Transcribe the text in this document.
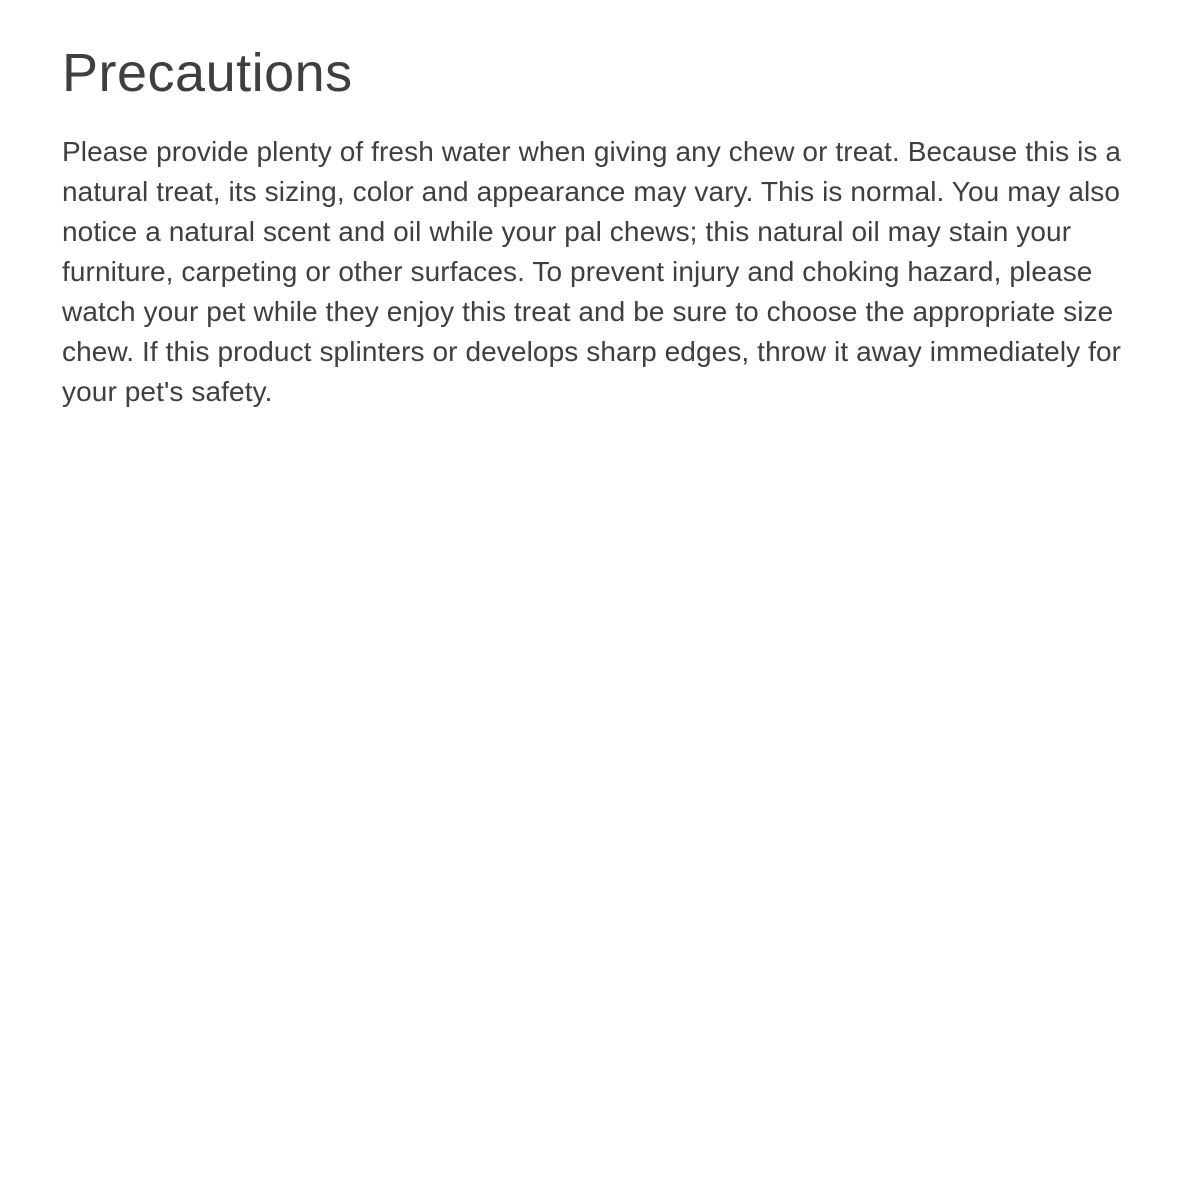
Precautions

Please provide plenty of fresh water when giving any chew or treat. Because this is a natural treat, its sizing, color and appearance may vary. This is normal. You may also notice a natural scent and oil while your pal chews; this natural oil may stain your furniture, carpeting or other surfaces. To prevent injury and choking hazard, please watch your pet while they enjoy this treat and be sure to choose the appropriate size chew. If this product splinters or develops sharp edges, throw it away immediately for your pet's safety.
